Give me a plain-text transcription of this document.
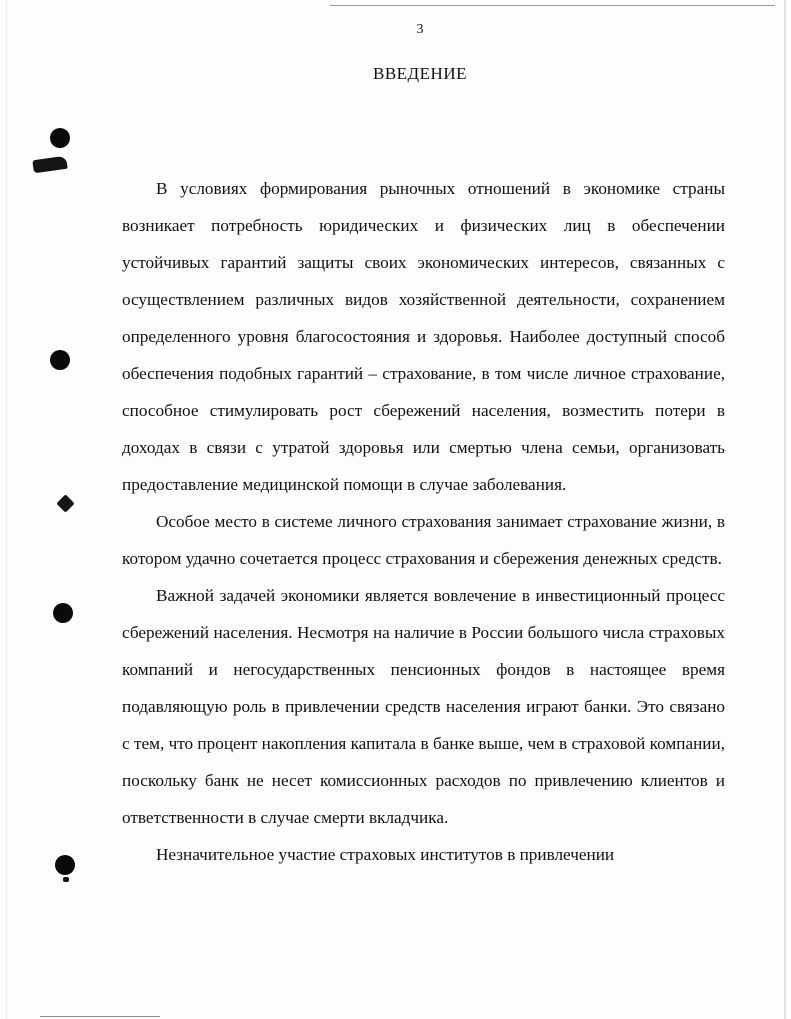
3
ВВЕДЕНИЕ

В условиях формирования рыночных отношений в экономике страны возникает потребность юридических и физических лиц в обеспечении устойчивых гарантий защиты своих экономических интересов, связанных с осуществлением различных видов хозяйственной деятельности, сохранением определенного уровня благосостояния и здоровья. Наиболее доступный способ обеспечения подобных гарантий – страхование, в том числе личное страхование, способное стимулировать рост сбережений населения, возместить потери в доходах в связи с утратой здоровья или смертью члена семьи, организовать предоставление медицинской помощи в случае заболевания.

Особое место в системе личного страхования занимает страхование жизни, в котором удачно сочетается процесс страхования и сбережения денежных средств.

Важной задачей экономики является вовлечение в инвестиционный процесс сбережений населения. Несмотря на наличие в России большого числа страховых компаний и негосударственных пенсионных фондов в настоящее время подавляющую роль в привлечении средств населения играют банки. Это связано с тем, что процент накопления капитала в банке выше, чем в страховой компании, поскольку банк не несет комиссионных расходов по привлечению клиентов и ответственности в случае смерти вкладчика.

Незначительное участие страховых институтов в привлечении
